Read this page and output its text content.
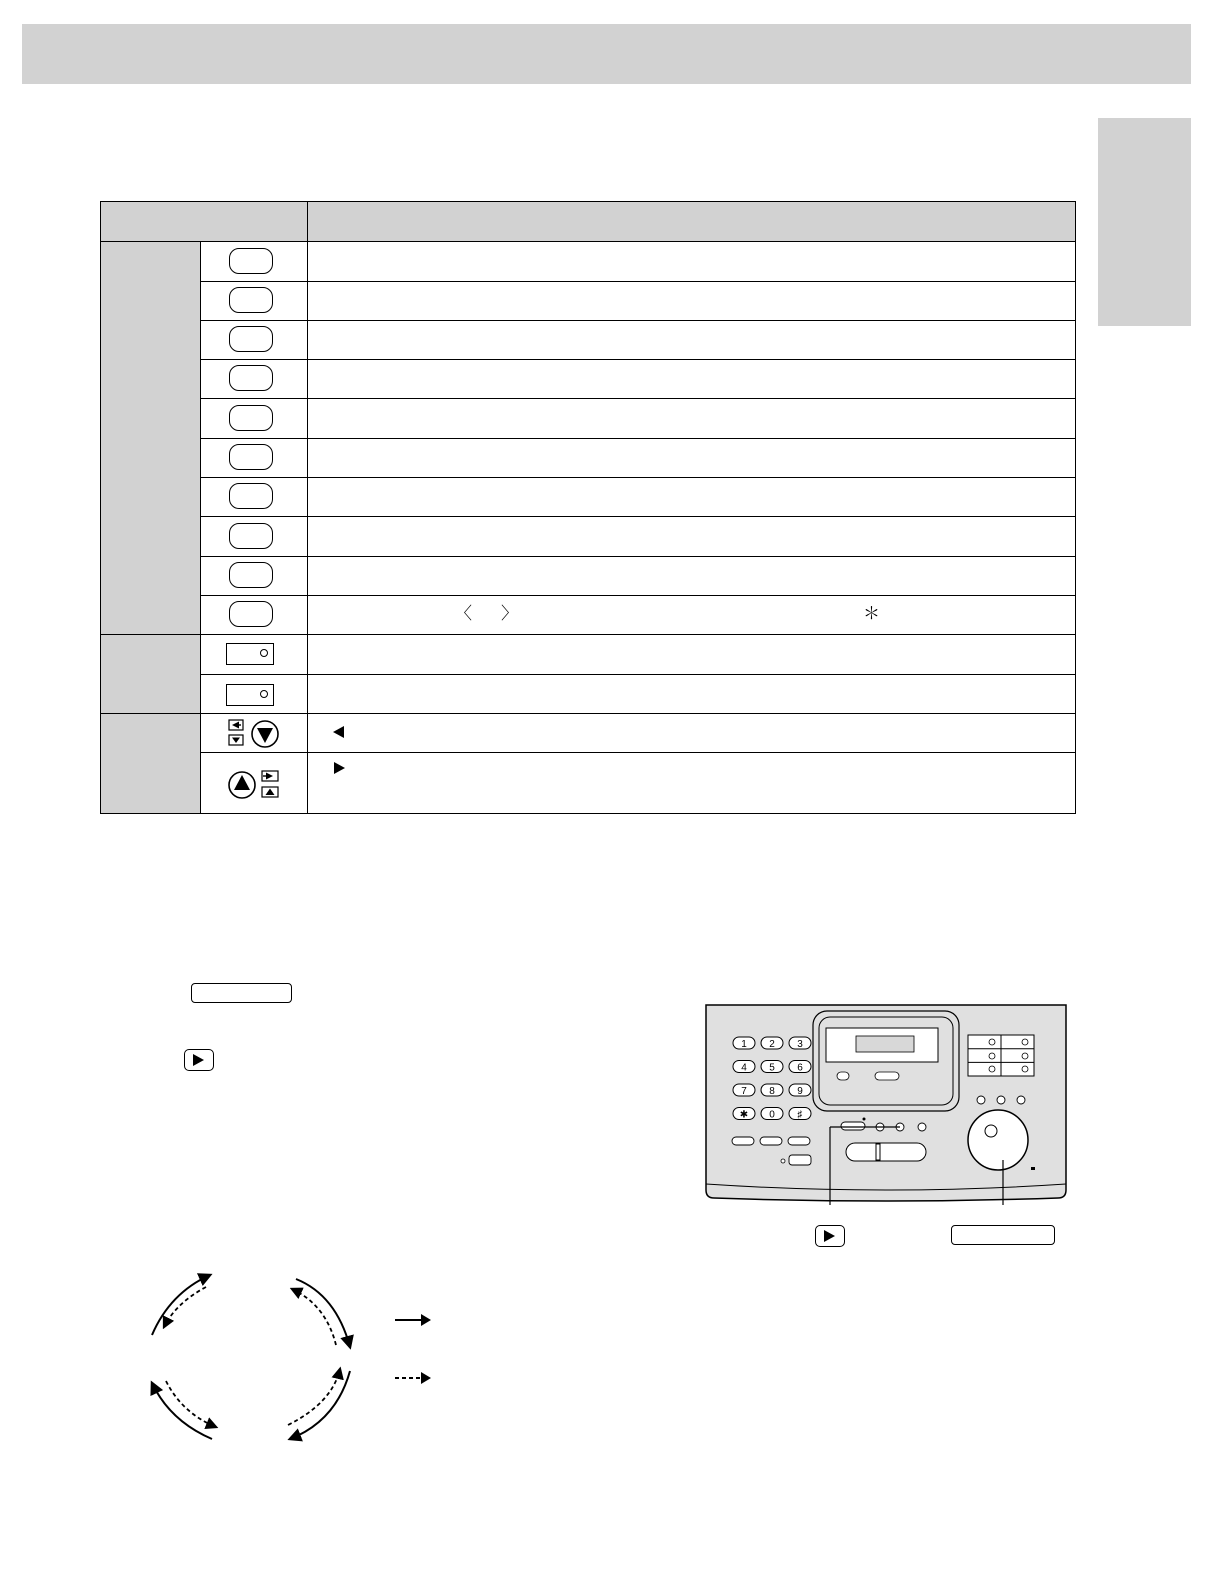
〈 〉	＊
1 2 3
4 5 6
7 8 9
✱ 0 ♯
